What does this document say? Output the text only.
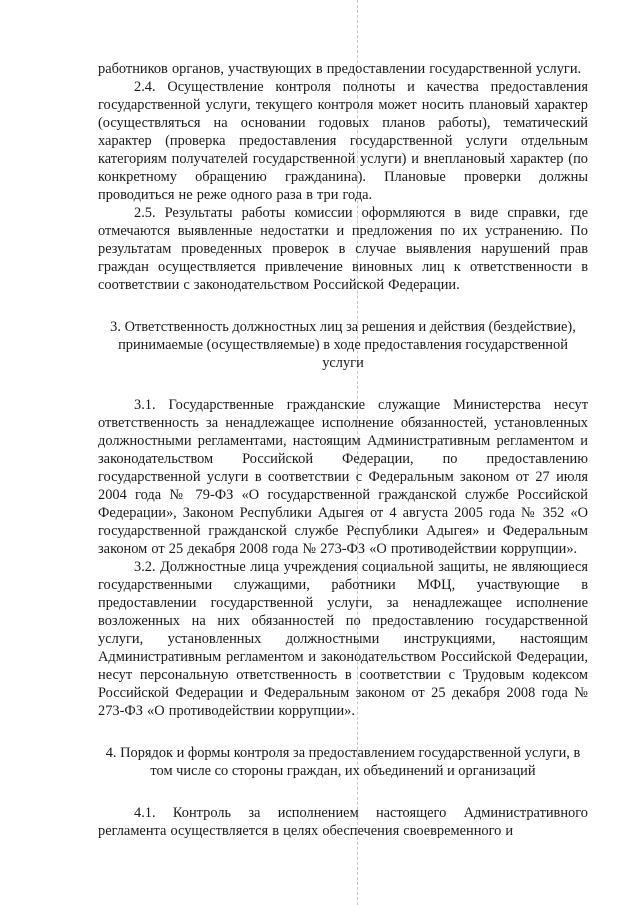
работников органов, участвующих в предоставлении государственной услуги.

2.4. Осуществление контроля полноты и качества предоставления государственной услуги, текущего контроля может носить плановый характер (осуществляться на основании годовых планов работы), тематический характер (проверка предоставления государственной услуги отдельным категориям получателей государственной услуги) и внеплановый характер (по конкретному обращению гражданина). Плановые проверки должны проводиться не реже одного раза в три года.

2.5. Результаты работы комиссии оформляются в виде справки, где отмечаются выявленные недостатки и предложения по их устранению. По результатам проведенных проверок в случае выявления нарушений прав граждан осуществляется привлечение виновных лиц к ответственности в соответствии с законодательством Российской Федерации.

3. Ответственность должностных лиц за решения и действия (бездействие), принимаемые (осуществляемые) в ходе предоставления государственной услуги

3.1. Государственные гражданские служащие Министерства несут ответственность за ненадлежащее исполнение обязанностей, установленных должностными регламентами, настоящим Административным регламентом и законодательством Российской Федерации, по предоставлению государственной услуги в соответствии с Федеральным законом от 27 июля 2004 года № 79-ФЗ «О государственной гражданской службе Российской Федерации», Законом Республики Адыгея от 4 августа 2005 года № 352 «О государственной гражданской службе Республики Адыгея» и Федеральным законом от 25 декабря 2008 года № 273-ФЗ «О противодействии коррупции».

3.2. Должностные лица учреждения социальной защиты, не являющиеся государственными служащими, работники МФЦ, участвующие в предоставлении государственной услуги, за ненадлежащее исполнение возложенных на них обязанностей по предоставлению государственной услуги, установленных должностными инструкциями, настоящим Административным регламентом и законодательством Российской Федерации, несут персональную ответственность в соответствии с Трудовым кодексом Российской Федерации и Федеральным законом от 25 декабря 2008 года № 273-ФЗ «О противодействии коррупции».

4. Порядок и формы контроля за предоставлением государственной услуги, в том числе со стороны граждан, их объединений и организаций

4.1. Контроль за исполнением настоящего Административного регламента осуществляется в целях обеспечения своевременного и
